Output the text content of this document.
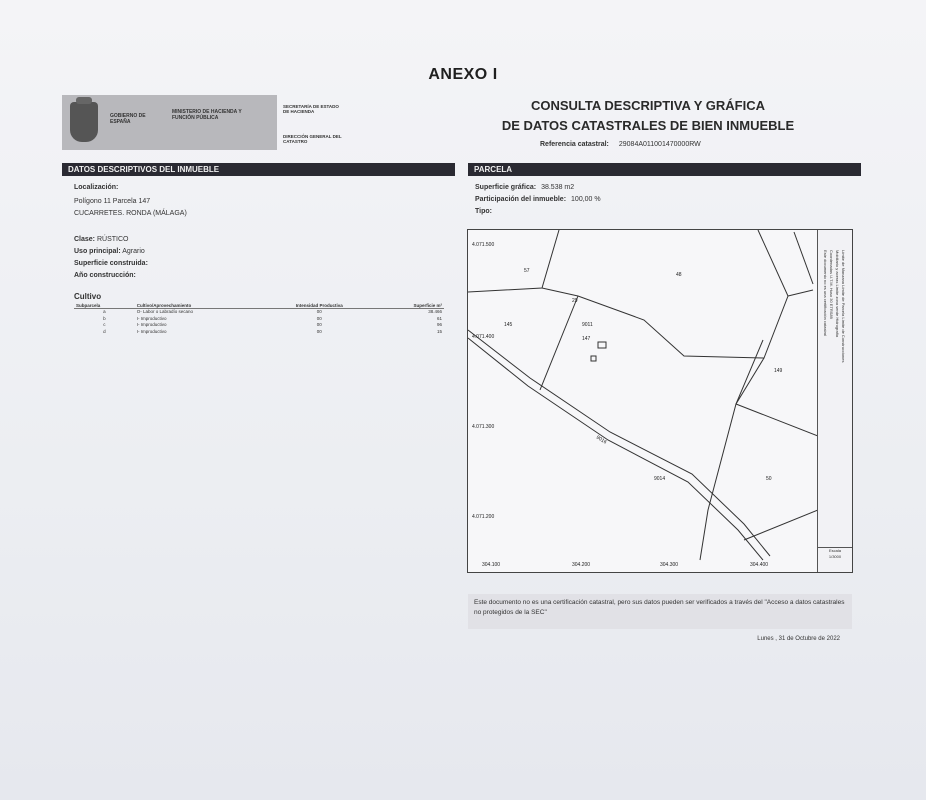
ANEXO I
GOBIERNO DE ESPAÑA
MINISTERIO DE HACIENDA Y FUNCIÓN PÚBLICA
SECRETARÍA DE ESTADO DE HACIENDA
DIRECCIÓN GENERAL DEL CATASTRO
CONSULTA DESCRIPTIVA Y GRÁFICA
DE DATOS CATASTRALES DE BIEN INMUEBLE
Referencia catastral: 29084A011001470000RW
DATOS DESCRIPTIVOS DEL INMUEBLE
Localización:
Polígono 11 Parcela 147
CUCARRETES. RONDA (MÁLAGA)
Clase: RÚSTICO
Uso principal: Agrario
Superficie construida:
Año construcción:
Cultivo
Subparcela	Cultivo/Aprovechamiento	Intensidad Productiva	Superficie m²
a	O- Labor o Labradío secano	00	38.466
b	I- Improductivo	00	61
c	I- Improductivo	00	96
d	I- Improductivo	00	15
PARCELA
Superficie gráfica: 38.538 m2
Participación del inmueble: 100,00 %
Tipo:
4.071.500
4.071.400
4.071.300
4.071.200
304.100	304.200	304.300	304.400
57
48
145
147
149
50
9011
9016
9014
29	Límite de Manzana Límite de Parcela Límite de Construcciones
Mobiliario y aceras Límite zona verde Hidrografía
Coordenadas U.T.M. Huso 30 ETRS89
Este documento no es una certificación catastral
Escala
1/3000
Este documento no es una certificación catastral, pero sus datos pueden ser verificados a través del "Acceso a datos catastrales no protegidos de la SEC"
Lunes , 31 de Octubre de 2022
